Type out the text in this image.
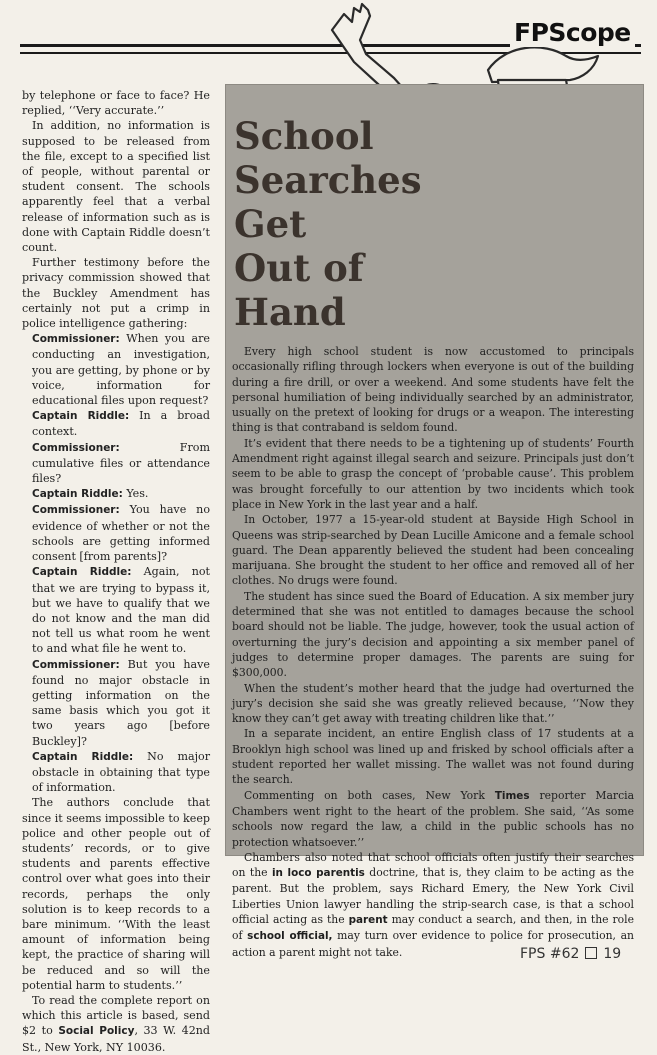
FPScope

by telephone or face to face? He replied, ‘‘Very accurate.’’

In addition, no information is supposed to be released from the file, except to a specified list of people, without parental or student consent. The schools apparently feel that a verbal release of information such as is done with Captain Riddle doesn’t count.

Further testimony before the privacy commission showed that the Buckley Amendment has certainly not put a crimp in police intelligence gathering:

Commissioner: When you are conducting an investigation, you are getting, by phone or by voice, information for educational files upon request?

Captain Riddle: In a broad context.

Commissioner:	From cumulative files or attendance files?

Captain Riddle: Yes.

Commissioner: You have no evidence of whether or not the schools are getting informed consent [from parents]?

Captain Riddle: Again, not that we are trying to bypass it, but we have to qualify that we do not know and the man did not tell us what room he went to and what file he went to.

Commissioner: But you have found no major obstacle in getting information on the same basis which you got it two years ago [before Buckley]?

Captain Riddle: No major obstacle in obtaining that type of information.

The authors conclude that since it seems impossible to keep police and other people out of students’ records, or to give students and parents effective control over what goes into their records, perhaps the only solution is to keep records to a bare minimum. ‘‘With the least amount of information being kept, the practice of sharing will be reduced and so will the potential harm to students.’’

To read the complete report on which this article is based, send $2 to Social Policy, 33 W. 42nd St., New York, NY 10036.

School
Searches
Get
Out of
Hand

Every high school student is now accustomed to principals occasionally rifling through lockers when everyone is out of the building during a fire drill, or over a weekend. And some students have felt the personal humiliation of being individually searched by an administrator, usually on the pretext of looking for drugs or a weapon. The interesting thing is that contraband is seldom found.

It’s evident that there needs to be a tightening up of students’ Fourth Amendment right against illegal search and seizure. Principals just don’t seem to be able to grasp the concept of ‘probable cause’. This problem was brought forcefully to our attention by two incidents which took place in New York in the last year and a half.

In October, 1977 a 15-year-old student at Bayside High School in Queens was strip-searched by Dean Lucille Amicone and a female school guard. The Dean apparently believed the student had been concealing marijuana. She brought the student to her office and removed all of her clothes. No drugs were found.

The student has since sued the Board of Education. A six member jury determined that she was not entitled to damages because the school board should not be liable. The judge, however, took the usual action of overturning the jury’s decision and appointing a six member panel of judges to determine proper damages. The parents are suing for $300,000.

When the student’s mother heard that the judge had overturned the jury’s decision she said she was greatly relieved because, ‘‘Now they know they can’t get away with treating children like that.’’

In a separate incident, an entire English class of 17 students at a Brooklyn high school was lined up and frisked by school officials after a student reported her wallet missing. The wallet was not found during the search.

Commenting on both cases, New York Times reporter Marcia Chambers went right to the heart of the problem. She said, ‘‘As some schools now regard the law, a child in the public schools has no protection whatsoever.’’

Chambers also noted that school officials often justify their searches on the in loco parentis doctrine, that is, they claim to be acting as the parent. But the problem, says Richard Emery, the New York Civil Liberties Union lawyer handling the strip-search case, is that a school official acting as the parent may conduct a search, and then, in the role of school official, may turn over evidence to police for prosecution, an action a parent might not take.	FPS #62 19
